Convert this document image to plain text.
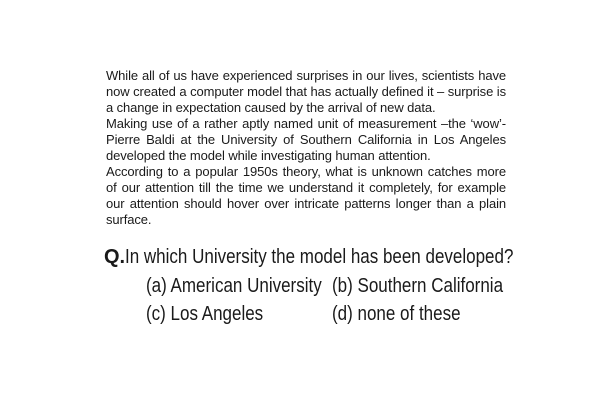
While all of us have experienced surprises in our lives, scientists have now created a computer model that has actually defined it – surprise is a change in expectation caused by the arrival of new data.

Making use of a rather aptly named unit of measurement –the ‘wow’-Pierre Baldi at the University of Southern California in Los Angeles developed the model while investigating human attention.

According to a popular 1950s theory, what is unknown catches more of our attention till the time we understand it completely, for example our attention should hover over intricate patterns longer than a plain surface.

Q. In which University the model has been developed?
(a) American University (b) Southern California
(c) Los Angeles	(d) none of these
